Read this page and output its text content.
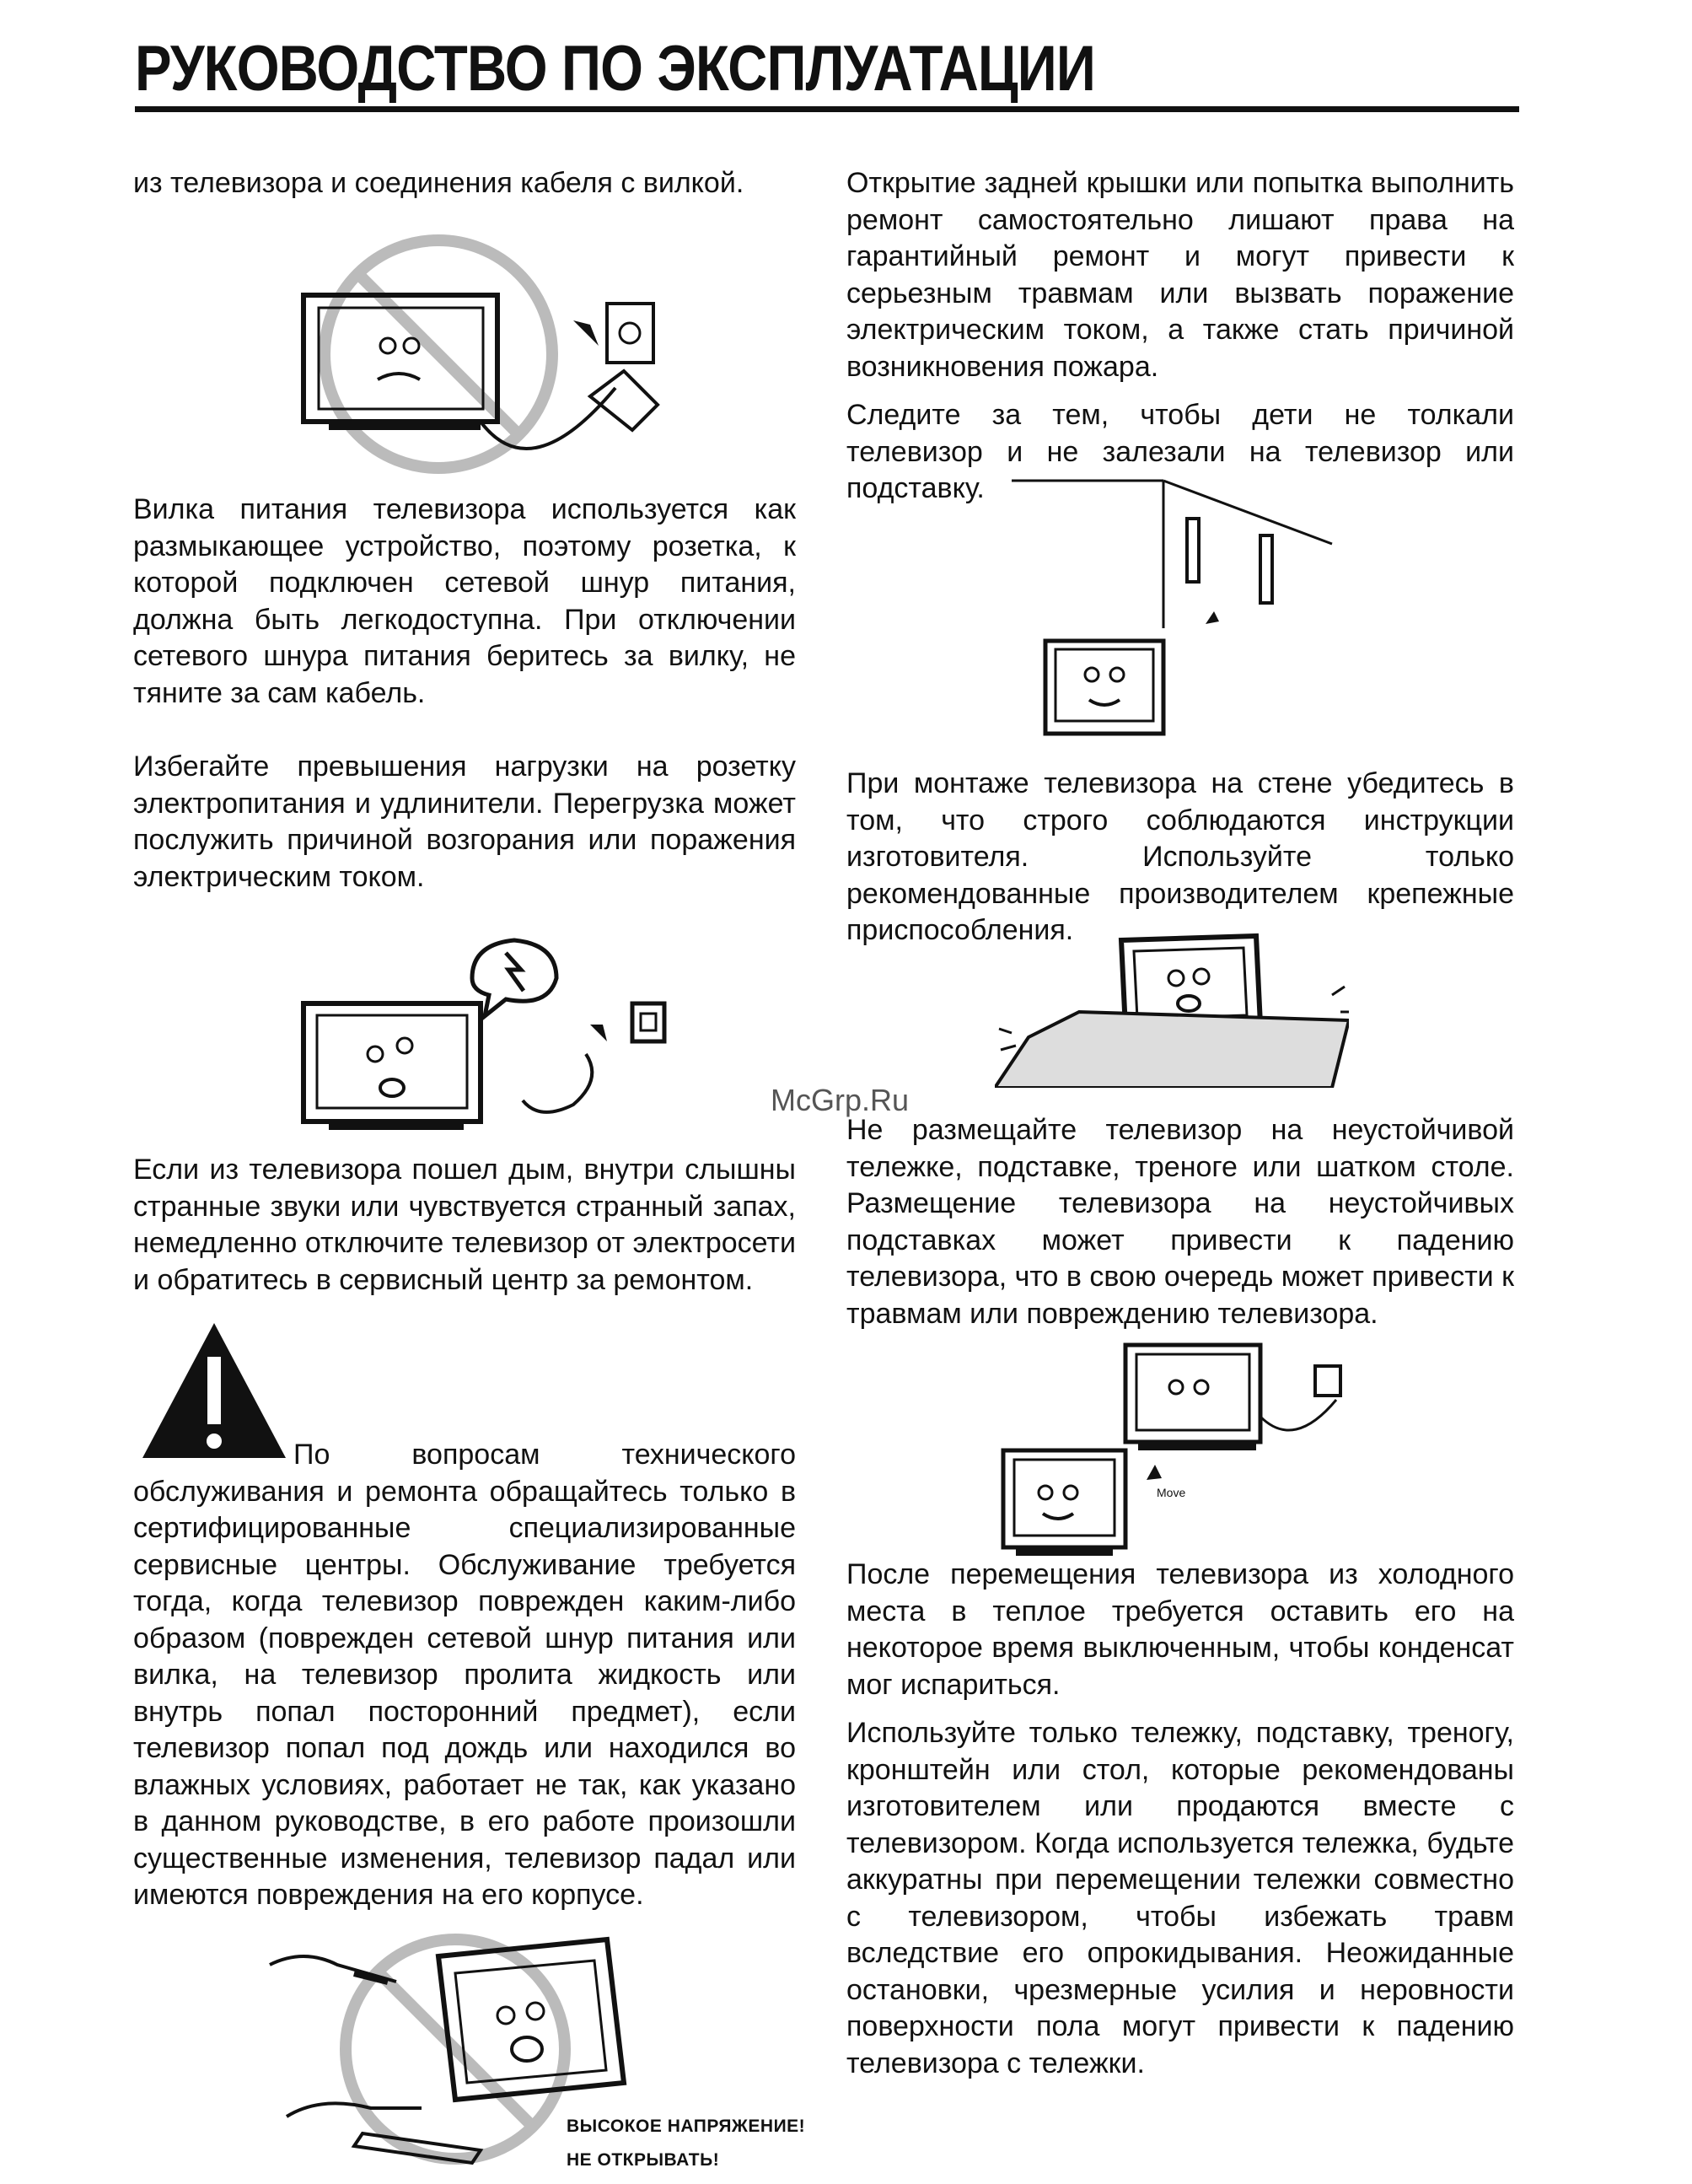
РУКОВОДСТВО ПО ЭКСПЛУАТАЦИИ

из телевизора и соединения кабеля с вилкой.

Вилка питания телевизора используется как размыкающее устройство, поэтому розетка, к которой подключен сетевой шнур питания, должна быть легкодоступна. При отключении сетевого шнура питания беритесь за вилку, не тяните за сам кабель.

Избегайте превышения нагрузки на розетку электропитания и удлинители. Перегрузка может послужить причиной возгорания или поражения электрическим током.

Если из телевизора пошел дым, внутри слышны странные звуки или чувствуется странный запах, немедленно отключите телевизор от электросети и обратитесь в сервисный центр за ремонтом.

По вопросам технического обслуживания и ремонта обращайтесь только в сертифицированные специализированные сервисные центры. Обслуживание требуется тогда, когда телевизор поврежден каким-либо образом (поврежден сетевой шнур питания или вилка, на телевизор пролита жидкость или внутрь попал посторонний предмет), если телевизор попал под дождь или находился во влажных условиях, работает не так, как указано в данном руководстве, в его работе произошли существенные изменения, телевизор падал или имеются повреждения на его корпусе.

ВЫСОКОЕ НАПРЯЖЕНИЕ!
НЕ ОТКРЫВАТЬ!

Открытие задней крышки или попытка выполнить ремонт самостоятельно лишают права на гарантийный ремонт и могут привести к серьезным травмам или вызвать поражение электрическим током, а также стать причиной возникновения пожара.

Следите за тем, чтобы дети не толкали телевизор и не залезали на телевизор или подставку.

При монтаже телевизора на стене убедитесь в том, что строго соблюдаются инструкции изготовителя. Используйте только рекомендованные производителем крепежные приспособления.

McGrp.Ru

Не размещайте телевизор на неустойчивой тележке, подставке, треноге или шатком столе. Размещение телевизора на неустойчивых подставках может привести к падению телевизора, что в свою очередь может привести к травмам или повреждению телевизора.

Move

После перемещения телевизора из холодного места в теплое требуется оставить его на некоторое время выключенным, чтобы конденсат мог испариться.

Используйте только тележку, подставку, треногу, кронштейн или стол, которые рекомендованы изготовителем или продаются вместе с телевизором. Когда используется тележка, будьте аккуратны при перемещении тележки совместно с телевизором, чтобы избежать травм вследствие его опрокидывания. Неожиданные остановки, чрезмерные усилия и неровности поверхности пола могут привести к падению телевизора с тележки.
